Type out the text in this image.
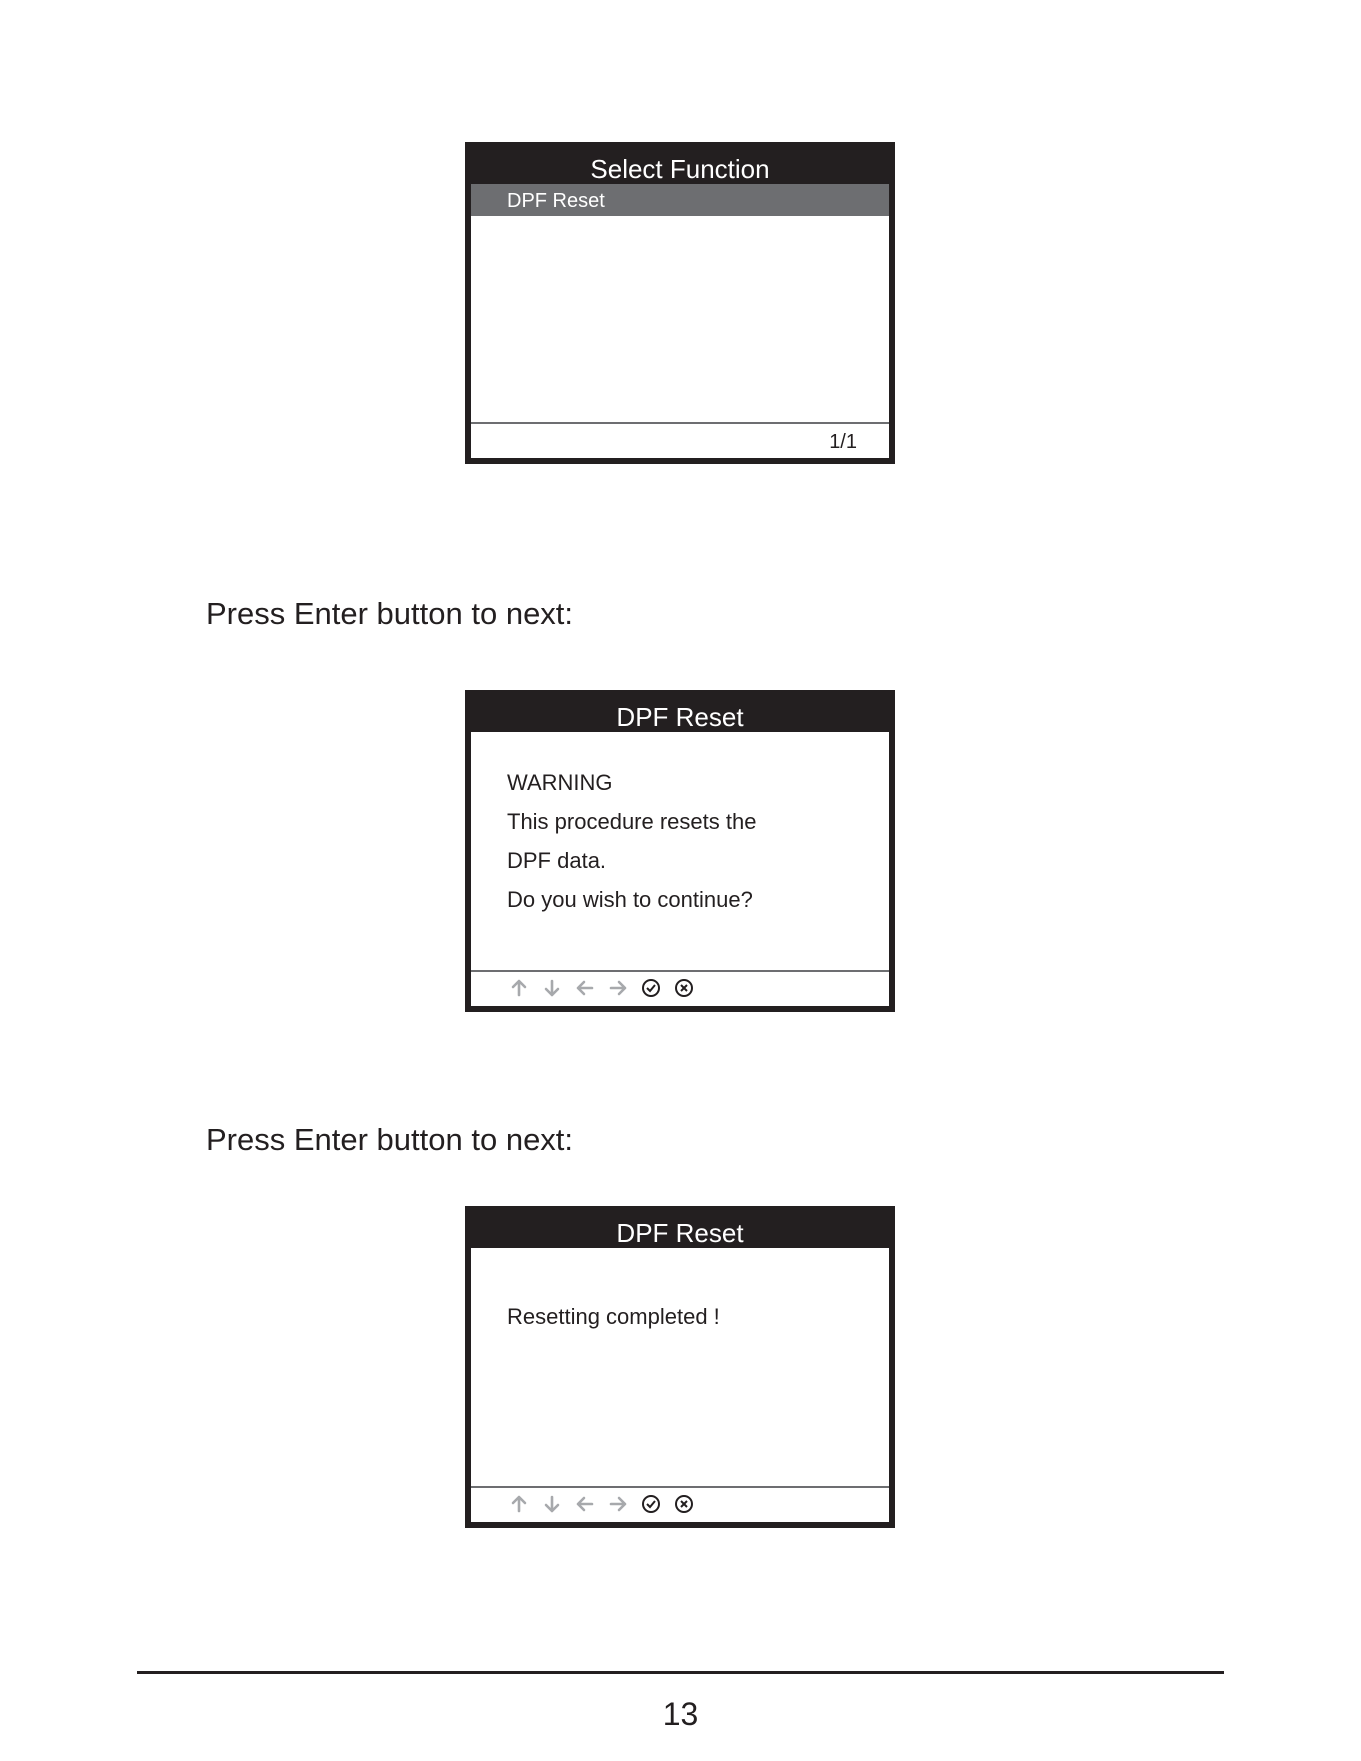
Select Function
DPF Reset
1/1
Press Enter button to next:
DPF Reset
WARNING
This procedure resets the
DPF data.
Do you wish to continue?
Press Enter button to next:
DPF Reset
Resetting completed !
13
